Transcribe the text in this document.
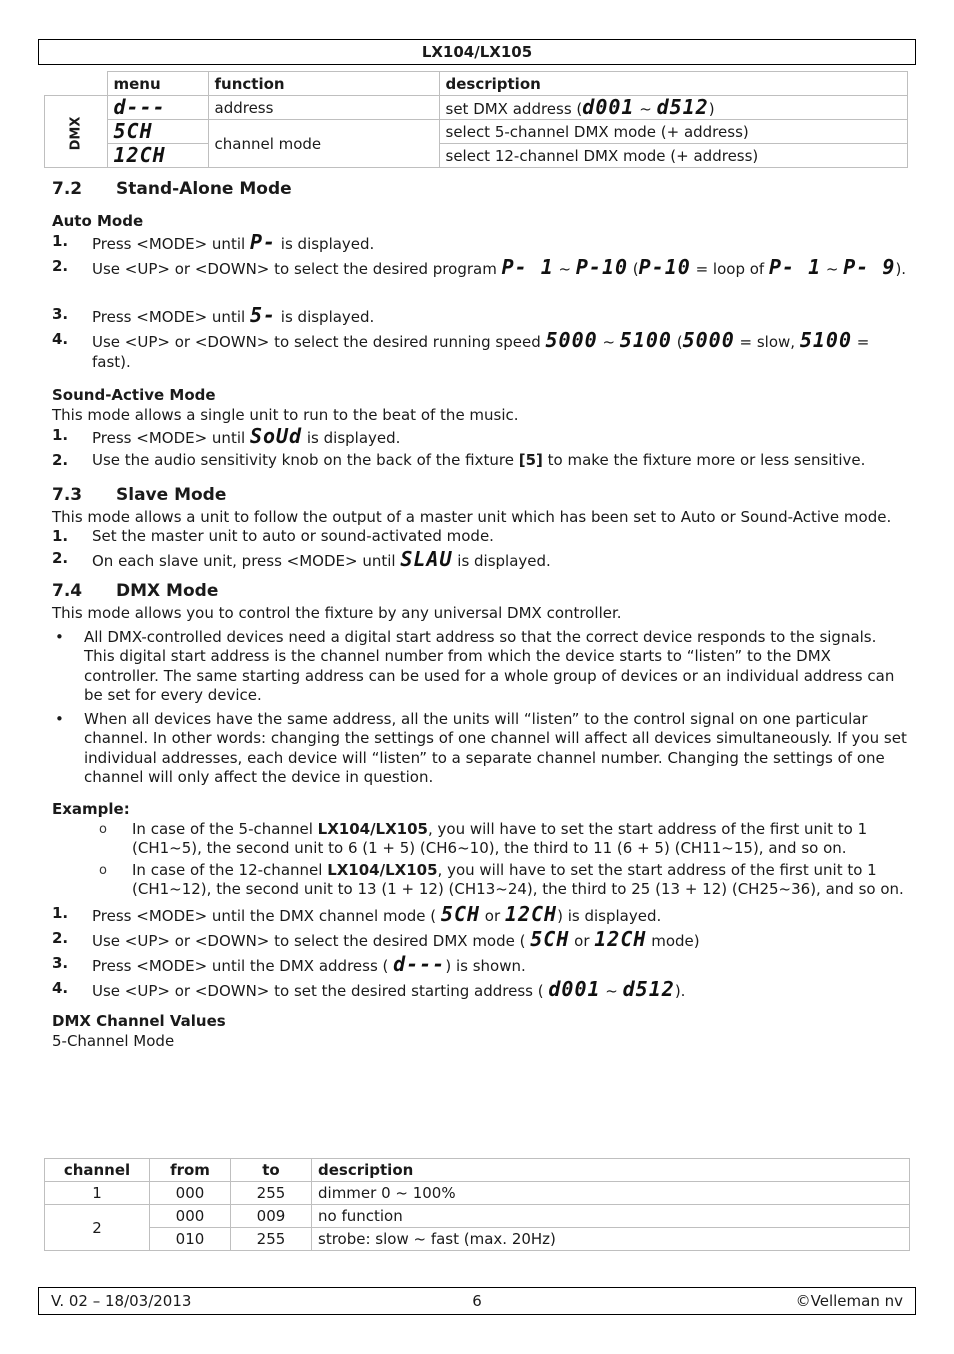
LX104/LX105
	menu	function	description
DMX	d---	address	set DMX address (d001 ~ d512)
	5CH	channel mode	select 5-channel DMX mode (+ address)
	12CH		select 12-channel DMX mode (+ address)
7.2 Stand-Alone Mode
Auto Mode
1.	Press <MODE> until P- is displayed.
2.	Use <UP> or <DOWN> to select the desired program P- 1 ~ P-10 (P-10 = loop of P- 1 ~ P- 9).
3.	Press <MODE> until 5- is displayed.
4.	Use <UP> or <DOWN> to select the desired running speed 5000 ~ 5100 (5000 = slow, 5100 = fast).
Sound-Active Mode

This mode allows a single unit to run to the beat of the music.

1.	Press <MODE> until SoUd is displayed.
2.	Use the audio sensitivity knob on the back of the fixture [5] to make the fixture more or less sensitive.
7.3 Slave Mode

This mode allows a unit to follow the output of a master unit which has been set to Auto or Sound-Active mode.

1.	Set the master unit to auto or sound-activated mode.
2.	On each slave unit, press <MODE> until SLAU is displayed.
7.4 DMX Mode

This mode allows you to control the fixture by any universal DMX controller.

• All DMX-controlled devices need a digital start address so that the correct device responds to the signals. This digital start address is the channel number from which the device starts to “listen” to the DMX controller. The same starting address can be used for a whole group of devices or an individual address can be set for every device.
• When all devices have the same address, all the units will “listen” to the control signal on one particular channel. In other words: changing the settings of one channel will affect all devices simultaneously. If you set individual addresses, each device will “listen” to a separate channel number. Changing the settings of one channel will only affect the device in question.
Example:
o In case of the 5-channel LX104/LX105, you will have to set the start address of the first unit to 1 (CH1~5), the second unit to 6 (1 + 5) (CH6~10), the third to 11 (6 + 5) (CH11~15), and so on.
o In case of the 12-channel LX104/LX105, you will have to set the start address of the first unit to 1 (CH1~12), the second unit to 13 (1 + 12) (CH13~24), the third to 25 (13 + 12) (CH25~36), and so on.
1.	Press <MODE> until the DMX channel mode ( 5CH or 12CH) is displayed.
2.	Use <UP> or <DOWN> to select the desired DMX mode ( 5CH or 12CH mode)
3.	Press <MODE> until the DMX address ( d---) is shown.
4.	Use <UP> or <DOWN> to set the desired starting address ( d001 ~ d512).
DMX Channel Values

5-Channel Mode

channel	from	to	description
1	000	255	dimmer 0 ~ 100%
2	000	009	no function
	010	255	strobe: slow ~ fast (max. 20Hz)
V. 02 – 18/03/2013	6	©Velleman nv
